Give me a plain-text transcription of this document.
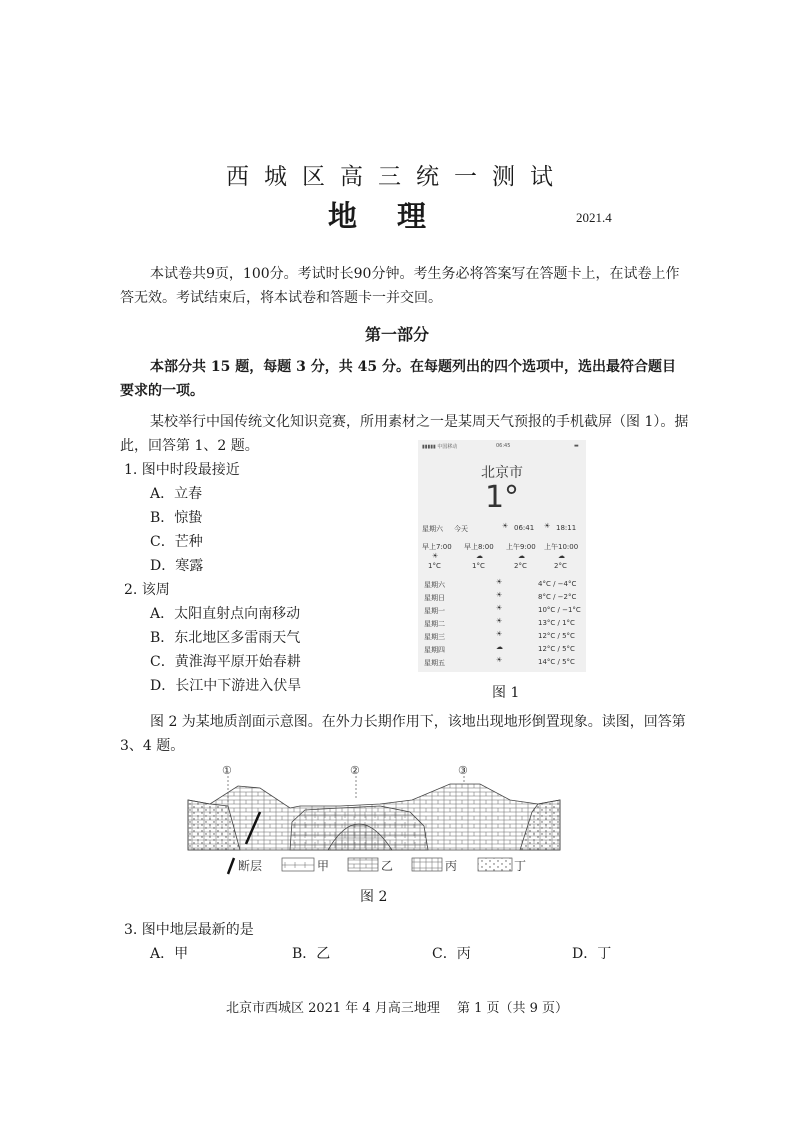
西城区高三统一测试
地理	2021.4
本试卷共9页，100分。考试时长90分钟。考生务必将答案写在答题卡上，在试卷上作答无效。考试结束后，将本试卷和答题卡一并交回。
第一部分
本部分共 15 题，每题 3 分，共 45 分。在每题列出的四个选项中，选出最符合题目要求的一项。
某校举行中国传统文化知识竞赛，所用素材之一是某周天气预报的手机截屏（图 1）。据此，回答第 1、2 题。
1. 图中时段最接近
A．立春
B．惊蛰
C．芒种
D．寒露
2. 该周
A．太阳直射点向南移动
B．东北地区多雷雨天气
C．黄淮海平原开始春耕
D．长江中下游进入伏旱
▮▮▮▮▮ 中国移动	06:45	▬
北京市
1°
星期六 今天	☀ 06:41 ☀ 18:11
早上7:00 早上8:00 上午9:00 上午10:00
☀	☁	☁	☁
1°C	1°C	2°C	2°C
星期六	☀	4°C / −4°C
星期日	☀	8°C / −2°C
星期一	☀	10°C / −1°C
星期二	☀	13°C / 1°C
星期三	☀	12°C / 5°C
星期四	☁	12°C / 5°C
星期五	☀	14°C / 5°C
图 1
图 2 为某地质剖面示意图。在外力长期作用下，该地出现地形倒置现象。读图，回答第 3、4 题。
①	②	③
断层	甲	乙	丙	丁
图 2
3. 图中地层最新的是
A．甲	B．乙	C．丙	D．丁
北京市西城区 2021 年 4 月高三地理　 第 1 页（共 9 页）
